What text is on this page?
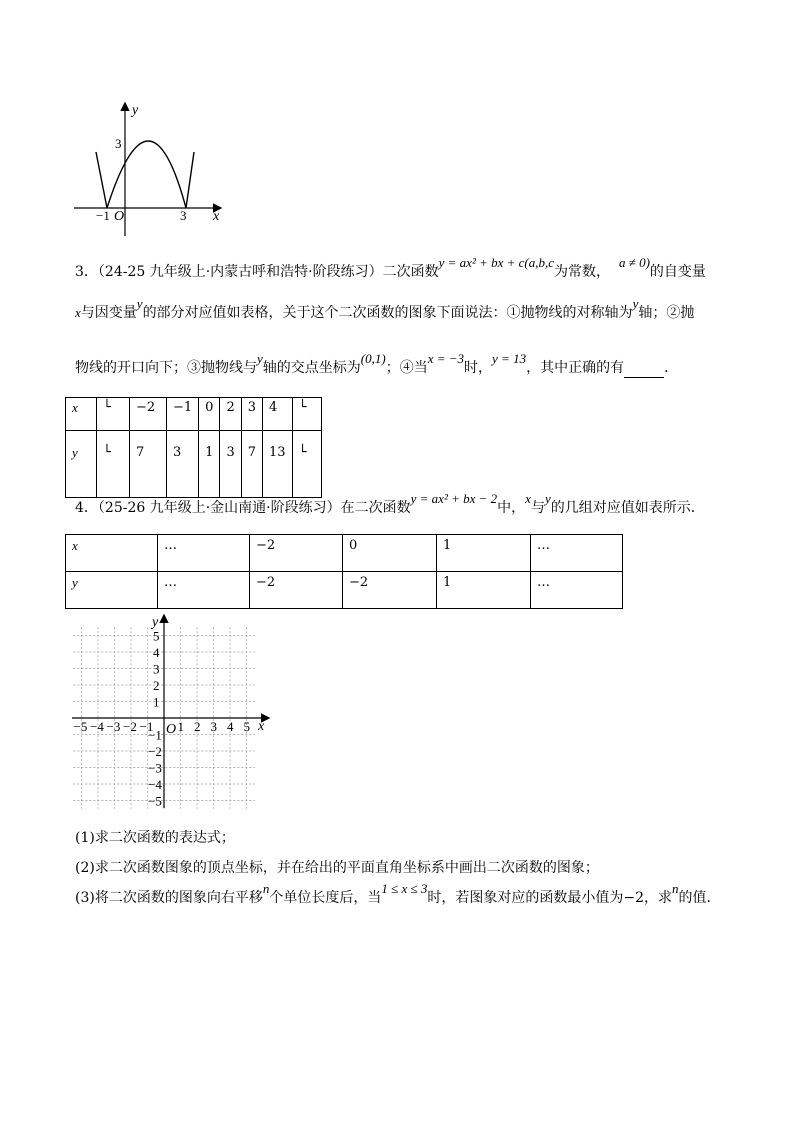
y
x
O
−1	3
3
3．（24-25 九年级上·内蒙古呼和浩特·阶段练习）二次函数y = ax² + bx + c(a,b,c为常数，  a ≠ 0)的自变量
x与因变量y的部分对应值如表格，关于这个二次函数的图象下面说法：①抛物线的对称轴为y轴；②抛
物线的开口向下；③抛物线与y轴的交点坐标为(0,1)；④当x = −3时，y = 13，其中正确的有	．
x	└	−2	−1	0	2	3	4	└
y	└	7	3	1	3	7	13	└
4．（25-26 九年级上·金山南通·阶段练习）在二次函数y = ax² + bx − 2中，x与y的几组对应值如表所示．
x	…	−2	0	1	…
y	…	−2	−2	1	…
−5 −4 −3 −2 −1 1 2 3 4 5
5
4
3
2
1
−1
−2
−3
−4
−5
x
y
O
(1)求二次函数的表达式；
(2)求二次函数图象的顶点坐标，并在给出的平面直角坐标系中画出二次函数的图象；
(3)将二次函数的图象向右平移n个单位长度后，当1 ≤ x ≤ 3时，若图象对应的函数最小值为−2，求n的值．
